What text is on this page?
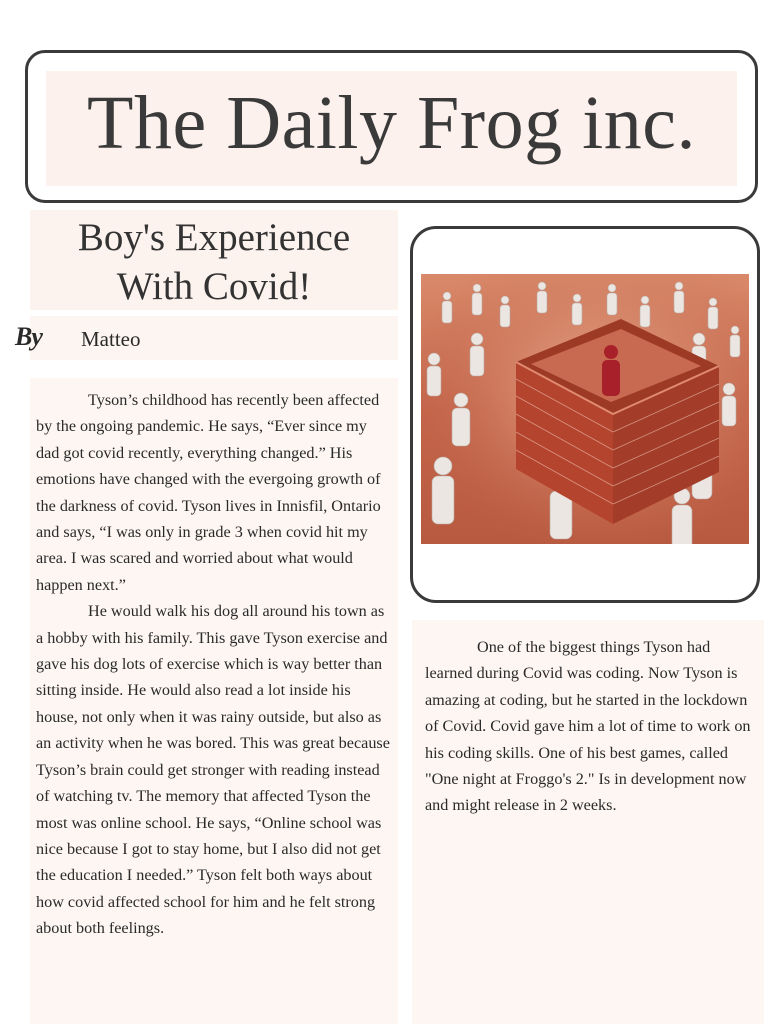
The Daily Frog inc.
Boy's Experience
With Covid!
By Matteo

Tyson’s childhood has recently been affected by the ongoing pandemic. He says, “Ever since my dad got covid recently, everything changed.” His emotions have changed with the evergoing growth of the darkness of covid. Tyson lives in Innisfil, Ontario and says, “I was only in grade 3 when covid hit my area. I was scared and worried about what would happen next.”

He would walk his dog all around his town as a hobby with his family. This gave Tyson exercise and gave his dog lots of exercise which is way better than sitting inside. He would also read a lot inside his house, not only when it was rainy outside, but also as an activity when he was bored. This was great because Tyson’s brain could get stronger with reading instead of watching tv. The memory that affected Tyson the most was online school. He says, “Online school was nice because I got to stay home, but I also did not get the education I needed.” Tyson felt both ways about how covid affected school for him and he felt strong about both feelings.

One of the biggest things Tyson had learned during Covid was coding. Now Tyson is amazing at coding, but he started in the lockdown of Covid. Covid gave him a lot of time to work on his coding skills. One of his best games, called "One night at Froggo's 2." Is in development now and might release in 2 weeks.
